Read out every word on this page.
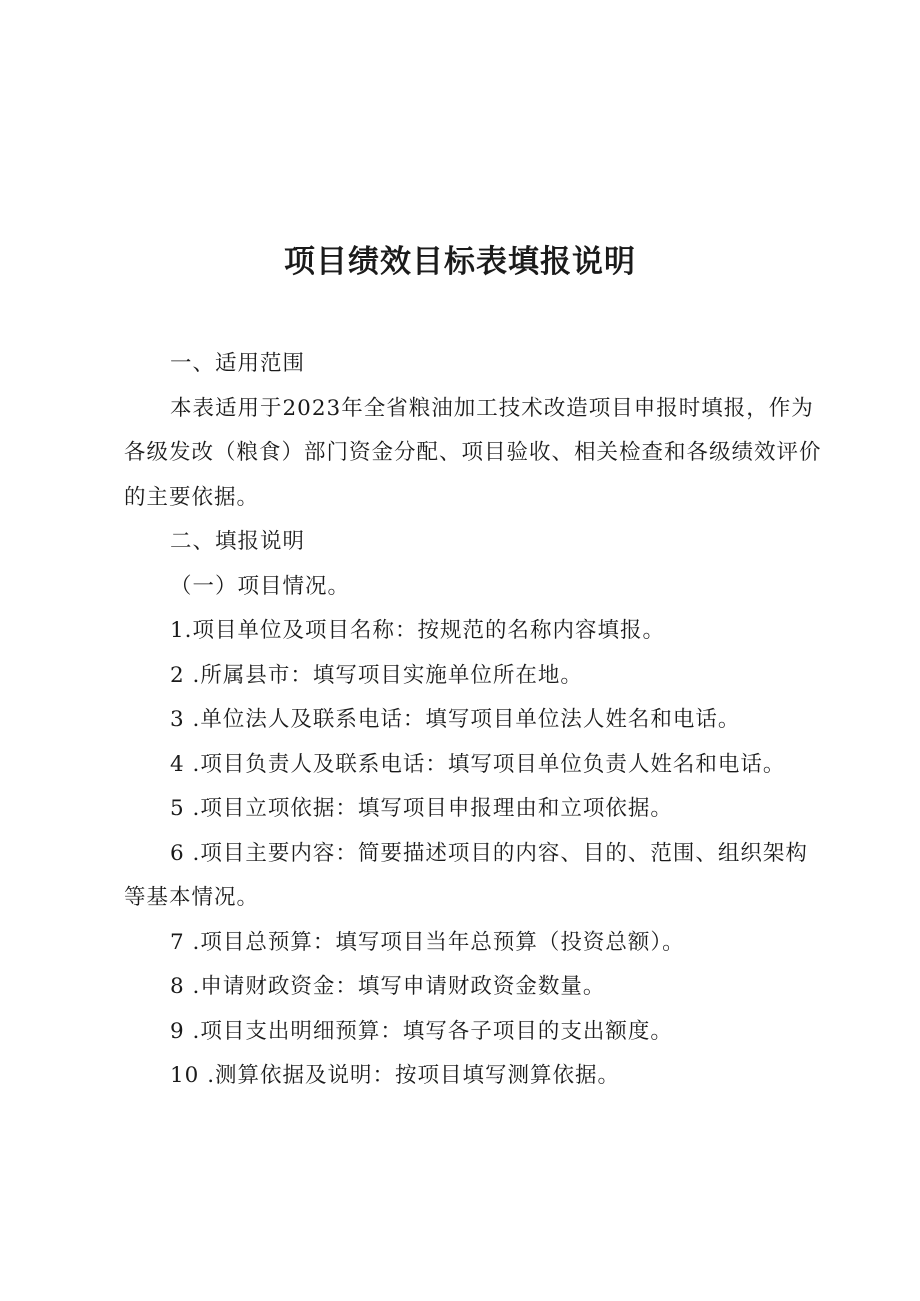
项目绩效目标表填报说明

一、适用范围

本表适用于2023年全省粮油加工技术改造项目申报时填报，作为各级发改（粮食）部门资金分配、项目验收、相关检查和各级绩效评价的主要依据。

二、填报说明

（一）项目情况。

1.项目单位及项目名称：按规范的名称内容填报。

2 .所属县市：填写项目实施单位所在地。

3 .单位法人及联系电话：填写项目单位法人姓名和电话。

4 .项目负责人及联系电话：填写项目单位负责人姓名和电话。

5 .项目立项依据：填写项目申报理由和立项依据。

6 .项目主要内容：简要描述项目的内容、目的、范围、组织架构等基本情况。

7 .项目总预算：填写项目当年总预算（投资总额）。

8 .申请财政资金：填写申请财政资金数量。

9 .项目支出明细预算：填写各子项目的支出额度。

10 .测算依据及说明：按项目填写测算依据。
